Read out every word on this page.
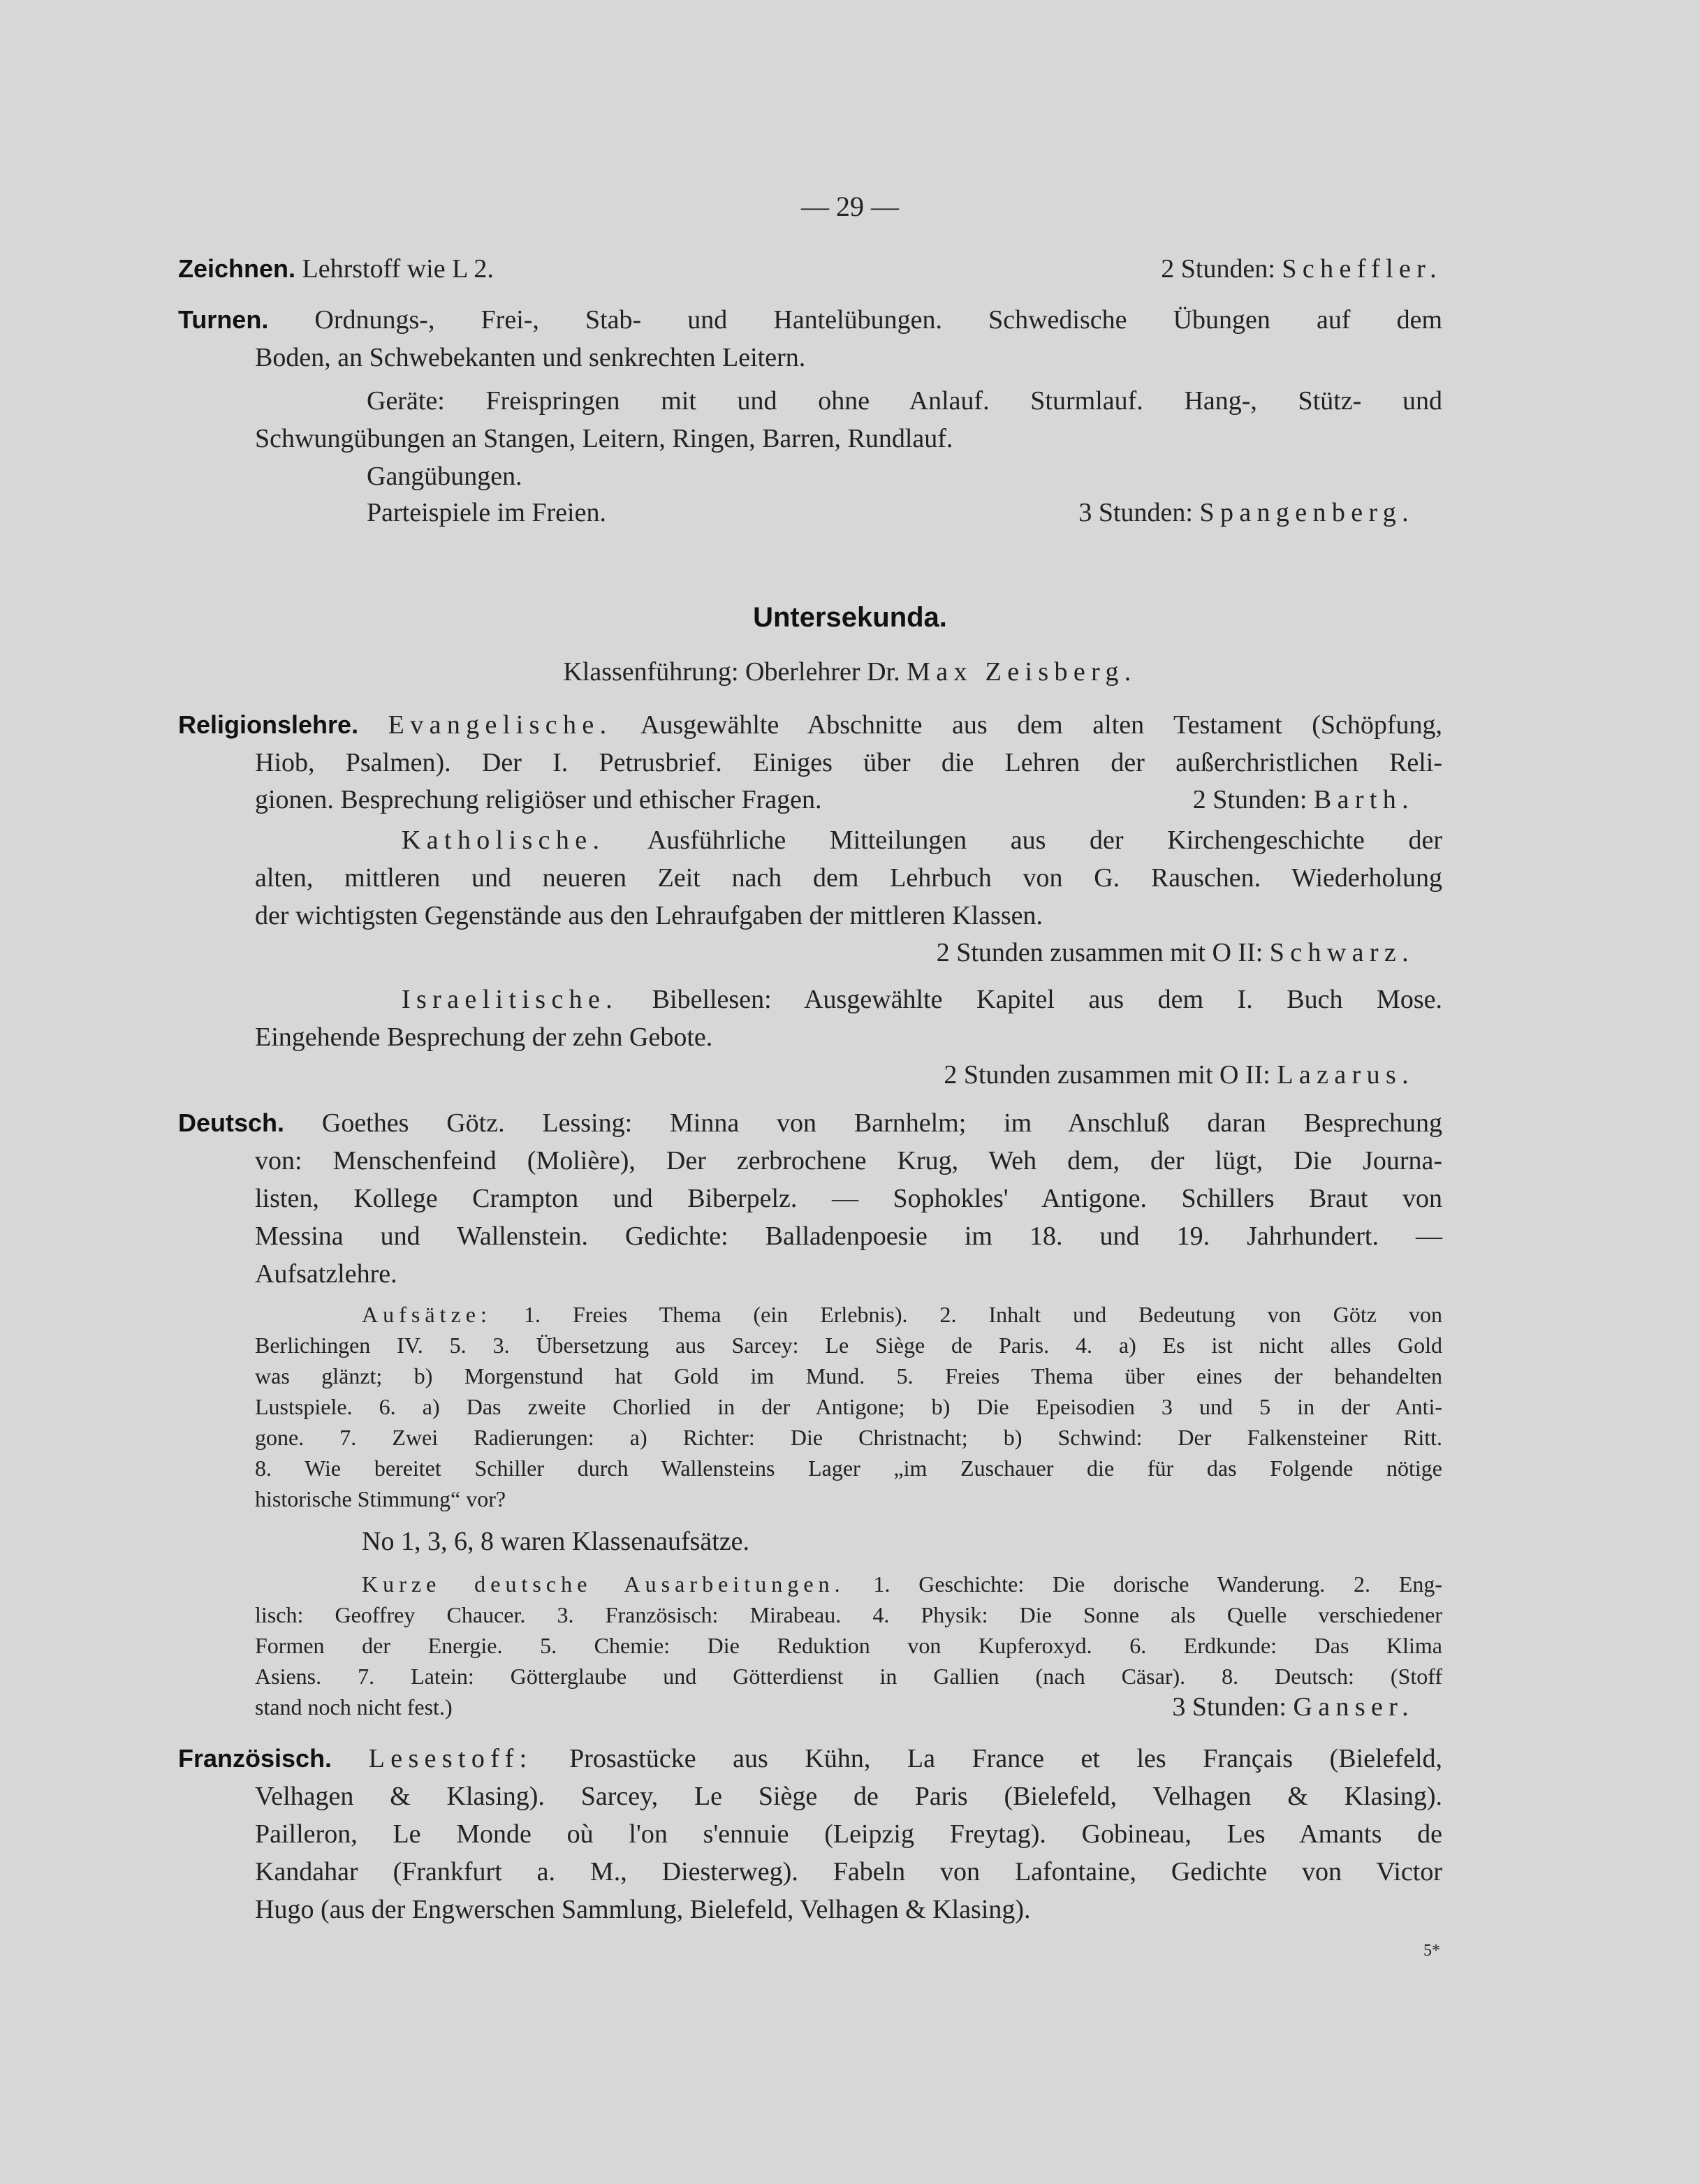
— 29 —
Zeichnen. Lehrstoff wie L 2.	2 Stunden: Scheffler.
Turnen. Ordnungs-, Frei-, Stab- und Hantelübungen. Schwedische Übungen auf dem
Boden, an Schwebekanten und senkrechten Leitern.
Geräte: Freispringen mit und ohne Anlauf. Sturmlauf. Hang-, Stütz- und
Schwungübungen an Stangen, Leitern, Ringen, Barren, Rundlauf.
Gangübungen.
Parteispiele im Freien.	3 Stunden: Spangenberg.
Untersekunda.
Klassenführung: Oberlehrer Dr. Max Zeisberg.
Religionslehre. Evangelische. Ausgewählte Abschnitte aus dem alten Testament (Schöpfung,
Hiob, Psalmen). Der I. Petrusbrief. Einiges über die Lehren der außerchristlichen Reli-
gionen. Besprechung religiöser und ethischer Fragen.	2 Stunden: Barth.
Katholische. Ausführliche Mitteilungen aus der Kirchengeschichte der
alten, mittleren und neueren Zeit nach dem Lehrbuch von G. Rauschen. Wiederholung
der wichtigsten Gegenstände aus den Lehraufgaben der mittleren Klassen.
2 Stunden zusammen mit O II: Schwarz.
Israelitische. Bibellesen: Ausgewählte Kapitel aus dem I. Buch Mose.
Eingehende Besprechung der zehn Gebote.
2 Stunden zusammen mit O II: Lazarus.
Deutsch. Goethes Götz. Lessing: Minna von Barnhelm; im Anschluß daran Besprechung
von: Menschenfeind (Molière), Der zerbrochene Krug, Weh dem, der lügt, Die Journa-
listen, Kollege Crampton und Biberpelz. — Sophokles' Antigone. Schillers Braut von
Messina und Wallenstein. Gedichte: Balladenpoesie im 18. und 19. Jahrhundert. —
Aufsatzlehre.
Aufsätze: 1. Freies Thema (ein Erlebnis). 2. Inhalt und Bedeutung von Götz von
Berlichingen IV. 5. 3. Übersetzung aus Sarcey: Le Siège de Paris. 4. a) Es ist nicht alles Gold
was glänzt; b) Morgenstund hat Gold im Mund. 5. Freies Thema über eines der behandelten
Lustspiele. 6. a) Das zweite Chorlied in der Antigone; b) Die Epeisodien 3 und 5 in der Anti-
gone. 7. Zwei Radierungen: a) Richter: Die Christnacht; b) Schwind: Der Falkensteiner Ritt.
8. Wie bereitet Schiller durch Wallensteins Lager „im Zuschauer die für das Folgende nötige
historische Stimmung“ vor?
No 1, 3, 6, 8 waren Klassenaufsätze.
Kurze deutsche Ausarbeitungen. 1. Geschichte: Die dorische Wanderung. 2. Eng-
lisch: Geoffrey Chaucer. 3. Französisch: Mirabeau. 4. Physik: Die Sonne als Quelle verschiedener
Formen der Energie. 5. Chemie: Die Reduktion von Kupferoxyd. 6. Erdkunde: Das Klima
Asiens. 7. Latein: Götterglaube und Götterdienst in Gallien (nach Cäsar). 8. Deutsch: (Stoff
stand noch nicht fest.)	3 Stunden: Ganser.
Französisch. Lesestoff: Prosastücke aus Kühn, La France et les Français (Bielefeld,
Velhagen & Klasing). Sarcey, Le Siège de Paris (Bielefeld, Velhagen & Klasing).
Pailleron, Le Monde où l'on s'ennuie (Leipzig Freytag). Gobineau, Les Amants de
Kandahar (Frankfurt a. M., Diesterweg). Fabeln von Lafontaine, Gedichte von Victor
Hugo (aus der Engwerschen Sammlung, Bielefeld, Velhagen & Klasing).
5*
